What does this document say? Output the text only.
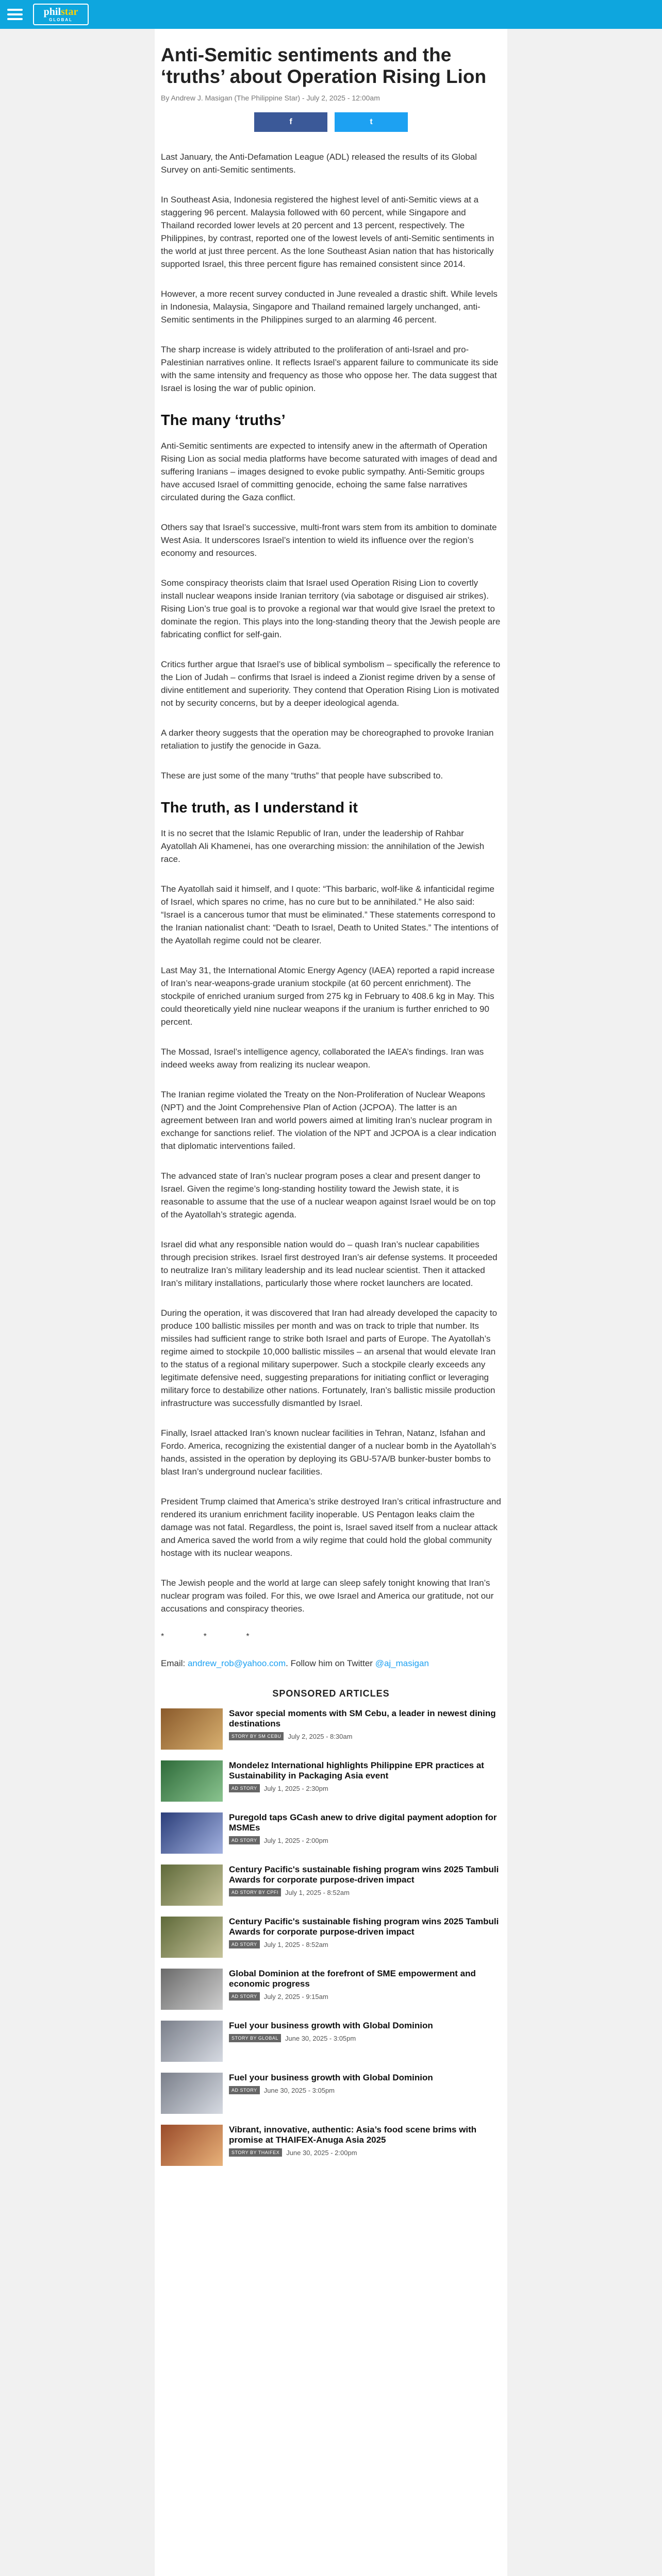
philstar
GLOBAL
Anti-Semitic sentiments and the ‘truths’ about Operation Rising Lion
By Andrew J. Masigan (The Philippine Star) - July 2, 2025 - 12:00am
f	t

Last January, the Anti-Defamation League (ADL) released the results of its Global Survey on anti-Semitic sentiments.

In Southeast Asia, Indonesia registered the highest level of anti-Semitic views at a staggering 96 percent. Malaysia followed with 60 percent, while Singapore and Thailand recorded lower levels at 20 percent and 13 percent, respectively. The Philippines, by contrast, reported one of the lowest levels of anti-Semitic sentiments in the world at just three percent. As the lone Southeast Asian nation that has historically supported Israel, this three percent figure has remained consistent since 2014.

However, a more recent survey conducted in June revealed a drastic shift. While levels in Indonesia, Malaysia, Singapore and Thailand remained largely unchanged, anti-Semitic sentiments in the Philippines surged to an alarming 46 percent.

The sharp increase is widely attributed to the proliferation of anti-Israel and pro-Palestinian narratives online. It reflects Israel’s apparent failure to communicate its side with the same intensity and frequency as those who oppose her. The data suggest that Israel is losing the war of public opinion.

The many ‘truths’

Anti-Semitic sentiments are expected to intensify anew in the aftermath of Operation Rising Lion as social media platforms have become saturated with images of dead and suffering Iranians – images designed to evoke public sympathy. Anti-Semitic groups have accused Israel of committing genocide, echoing the same false narratives circulated during the Gaza conflict.

Others say that Israel’s successive, multi-front wars stem from its ambition to dominate West Asia. It underscores Israel’s intention to wield its influence over the region’s economy and resources.

Some conspiracy theorists claim that Israel used Operation Rising Lion to covertly install nuclear weapons inside Iranian territory (via sabotage or disguised air strikes). Rising Lion’s true goal is to provoke a regional war that would give Israel the pretext to dominate the region. This plays into the long-standing theory that the Jewish people are fabricating conflict for self-gain.

Critics further argue that Israel’s use of biblical symbolism – specifically the reference to the Lion of Judah – confirms that Israel is indeed a Zionist regime driven by a sense of divine entitlement and superiority. They contend that Operation Rising Lion is motivated not by security concerns, but by a deeper ideological agenda.

A darker theory suggests that the operation may be choreographed to provoke Iranian retaliation to justify the genocide in Gaza.

These are just some of the many “truths” that people have subscribed to.

The truth, as I understand it

It is no secret that the Islamic Republic of Iran, under the leadership of Rahbar Ayatollah Ali Khamenei, has one overarching mission: the annihilation of the Jewish race.

The Ayatollah said it himself, and I quote: “This barbaric, wolf-like & infanticidal regime of Israel, which spares no crime, has no cure but to be annihilated.” He also said: “Israel is a cancerous tumor that must be eliminated.” These statements correspond to the Iranian nationalist chant: “Death to Israel, Death to United States.” The intentions of the Ayatollah regime could not be clearer.

Last May 31, the International Atomic Energy Agency (IAEA) reported a rapid increase of Iran’s near-weapons-grade uranium stockpile (at 60 percent enrichment). The stockpile of enriched uranium surged from 275 kg in February to 408.6 kg in May. This could theoretically yield nine nuclear weapons if the uranium is further enriched to 90 percent.

The Mossad, Israel’s intelligence agency, collaborated the IAEA’s findings. Iran was indeed weeks away from realizing its nuclear weapon.

The Iranian regime violated the Treaty on the Non-Proliferation of Nuclear Weapons (NPT) and the Joint Comprehensive Plan of Action (JCPOA). The latter is an agreement between Iran and world powers aimed at limiting Iran’s nuclear program in exchange for sanctions relief. The violation of the NPT and JCPOA is a clear indication that diplomatic interventions failed.

The advanced state of Iran’s nuclear program poses a clear and present danger to Israel. Given the regime’s long-standing hostility toward the Jewish state, it is reasonable to assume that the use of a nuclear weapon against Israel would be on top of the Ayatollah’s strategic agenda.

Israel did what any responsible nation would do – quash Iran’s nuclear capabilities through precision strikes. Israel first destroyed Iran’s air defense systems. It proceeded to neutralize Iran’s military leadership and its lead nuclear scientist. Then it attacked Iran’s military installations, particularly those where rocket launchers are located.

During the operation, it was discovered that Iran had already developed the capacity to produce 100 ballistic missiles per month and was on track to triple that number. Its missiles had sufficient range to strike both Israel and parts of Europe. The Ayatollah’s regime aimed to stockpile 10,000 ballistic missiles – an arsenal that would elevate Iran to the status of a regional military superpower. Such a stockpile clearly exceeds any legitimate defensive need, suggesting preparations for initiating conflict or leveraging military force to destabilize other nations. Fortunately, Iran’s ballistic missile production infrastructure was successfully dismantled by Israel.

Finally, Israel attacked Iran’s known nuclear facilities in Tehran, Natanz, Isfahan and Fordo. America, recognizing the existential danger of a nuclear bomb in the Ayatollah’s hands, assisted in the operation by deploying its GBU-57A/B bunker-buster bombs to blast Iran’s underground nuclear facilities.

President Trump claimed that America’s strike destroyed Iran’s critical infrastructure and rendered its uranium enrichment facility inoperable. US Pentagon leaks claim the damage was not fatal. Regardless, the point is, Israel saved itself from a nuclear attack and America saved the world from a wily regime that could hold the global community hostage with its nuclear weapons.

The Jewish people and the world at large can sleep safely tonight knowing that Iran’s nuclear program was foiled. For this, we owe Israel and America our gratitude, not our accusations and conspiracy theories.

* * *
Email: andrew_rob@yahoo.com. Follow him on Twitter @aj_masigan
SPONSORED ARTICLES
Savor special moments with SM Cebu, a leader in newest dining destinations
STORY BY SM CEBU	July 2, 2025 - 8:30am
Mondelez International highlights Philippine EPR practices at Sustainability in Packaging Asia event
AD STORY	July 1, 2025 - 2:30pm
Puregold taps GCash anew to drive digital payment adoption for MSMEs
AD STORY	July 1, 2025 - 2:00pm
Century Pacific's sustainable fishing program wins 2025 Tambuli Awards for corporate purpose-driven impact
AD STORY BY CPFI	July 1, 2025 - 8:52am
Century Pacific's sustainable fishing program wins 2025 Tambuli Awards for corporate purpose-driven impact
AD STORY	July 1, 2025 - 8:52am
Global Dominion at the forefront of SME empowerment and economic progress
AD STORY	July 2, 2025 - 9:15am
Fuel your business growth with Global Dominion
STORY BY GLOBAL	June 30, 2025 - 3:05pm
Fuel your business growth with Global Dominion
AD STORY	June 30, 2025 - 3:05pm
Vibrant, innovative, authentic: Asia’s food scene brims with promise at THAIFEX-Anuga Asia 2025
STORY BY THAIFEX	June 30, 2025 - 2:00pm
